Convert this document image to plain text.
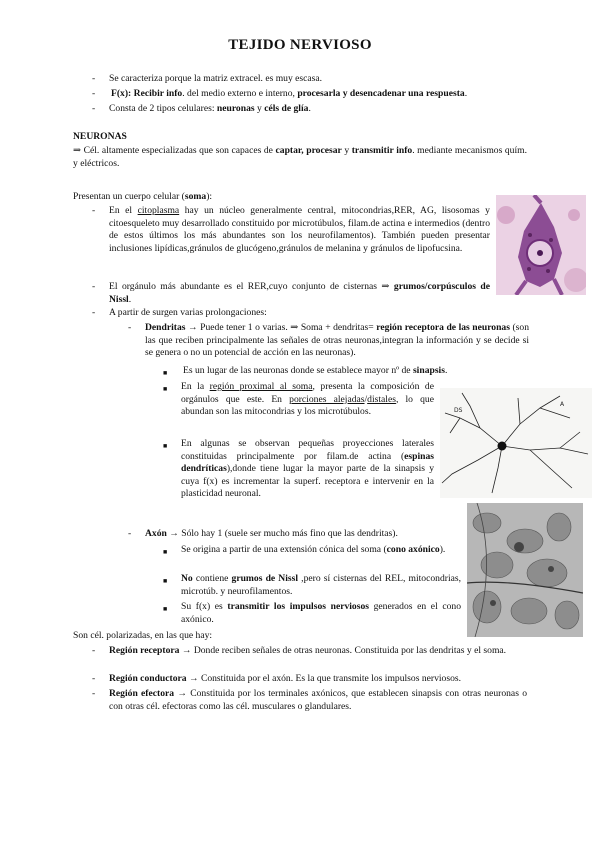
TEJIDO NERVIOSO
- Se caracteriza porque la matriz extracel. es muy escasa.
- F(x): Recibir info. del medio externo e interno, procesarla y desencadenar una respuesta.
- Consta de 2 tipos celulares: neuronas y céls de glía.
NEURONAS
⇒ Cél. altamente especializadas que son capaces de captar, procesar y transmitir info. mediante mecanismos quím. y eléctricos.
Presentan un cuerpo celular (soma):
- En el citoplasma hay un núcleo generalmente central, mitocondrias,RER, AG, lisosomas y citoesqueleto muy desarrollado constituido por microtúbulos, filam.de actina e intermedios (dentro de estos últimos los más abundantes son los neurofilamentos). También pueden presentar inclusiones lipídicas,gránulos de glucógeno,gránulos de melanina y gránulos de lipofucsina.
- El orgánulo más abundante es el RER,cuyo conjunto de cisternas ⇒ grumos/corpúsculos de Nissl.
- A partir de surgen varias prolongaciones:
- Dendritas → Puede tener 1 o varias. ⇒ Soma + dendritas= región receptora de las neuronas (son las que reciben principalmente las señales de otras neuronas,integran la información y se decide si se genera o no un potencial de acción en las neuronas).
■ Es un lugar de las neuronas donde se establece mayor nº de sinapsis.
■ En la región proximal al soma, presenta la composición de orgánulos que este. En porciones alejadas/distales, lo que abundan son las mitocondrias y los microtúbulos.
■ En algunas se observan pequeñas proyecciones laterales constituidas principalmente por filam.de actina (espinas dendríticas),donde tiene lugar la mayor parte de la sinapsis y cuya f(x) es incrementar la superf. receptora e intervenir en la plasticidad neuronal.
- Axón → Sólo hay 1 (suele ser mucho más fino que las dendritas).
■ Se origina a partir de una extensión cónica del soma (cono axónico).
■ No contiene grumos de Nissl ,pero sí cisternas del REL, mitocondrias, microtúb. y neurofilamentos.
■ Su f(x) es transmitir los impulsos nerviosos generados en el cono axónico.
Son cél. polarizadas, en las que hay:
- Región receptora → Donde reciben señales de otras neuronas. Constituida por las dendritas y el soma.
- Región conductora → Constituida por el axón. Es la que transmite los impulsos nerviosos.
- Región efectora → Constituida por los terminales axónicos, que establecen sinapsis con otras neuronas o con otras cél. efectoras como las cél. musculares o glandulares.
DS
A
